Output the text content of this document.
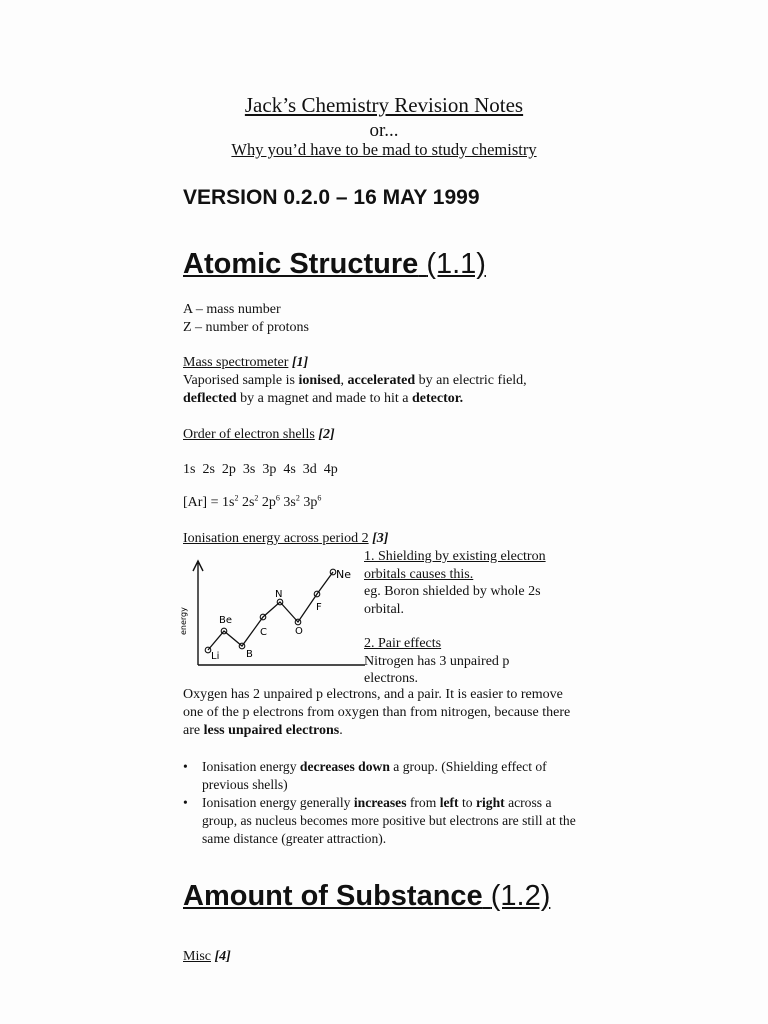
Jack’s Chemistry Revision Notes
or...
Why you’d have to be mad to study chemistry
VERSION 0.2.0 – 16 MAY 1999
Atomic Structure (1.1)
A – mass number
Z – number of protons
Mass spectrometer [1]
Vaporised sample is ionised, accelerated by an electric field,
deflected by a magnet and made to hit a detector.
Order of electron shells [2]
1s  2s  2p  3s  3p  4s  3d  4p
$[Ar] = 1s^2$ $2s^2$ $2p^6$ $3s^2$ $3p^6$
Ionisation energy across period 2 [3]
energy
Li
Be
B
C
N
O
F
Ne
1. Shielding by existing electron
orbitals causes this.
eg. Boron shielded by whole 2s orbital.
2. Pair effects
Nitrogen has 3 unpaired p electrons.
Oxygen has 2 unpaired p electrons, and a pair. It is easier to remove one of the p electrons from oxygen than from nitrogen, because there are less unpaired electrons.
• Ionisation energy decreases down a group. (Shielding effect of previous shells)
• Ionisation energy generally increases from left to right across a group, as nucleus becomes more positive but electrons are still at the same distance (greater attraction).
Amount of Substance (1.2)
Misc [4]
